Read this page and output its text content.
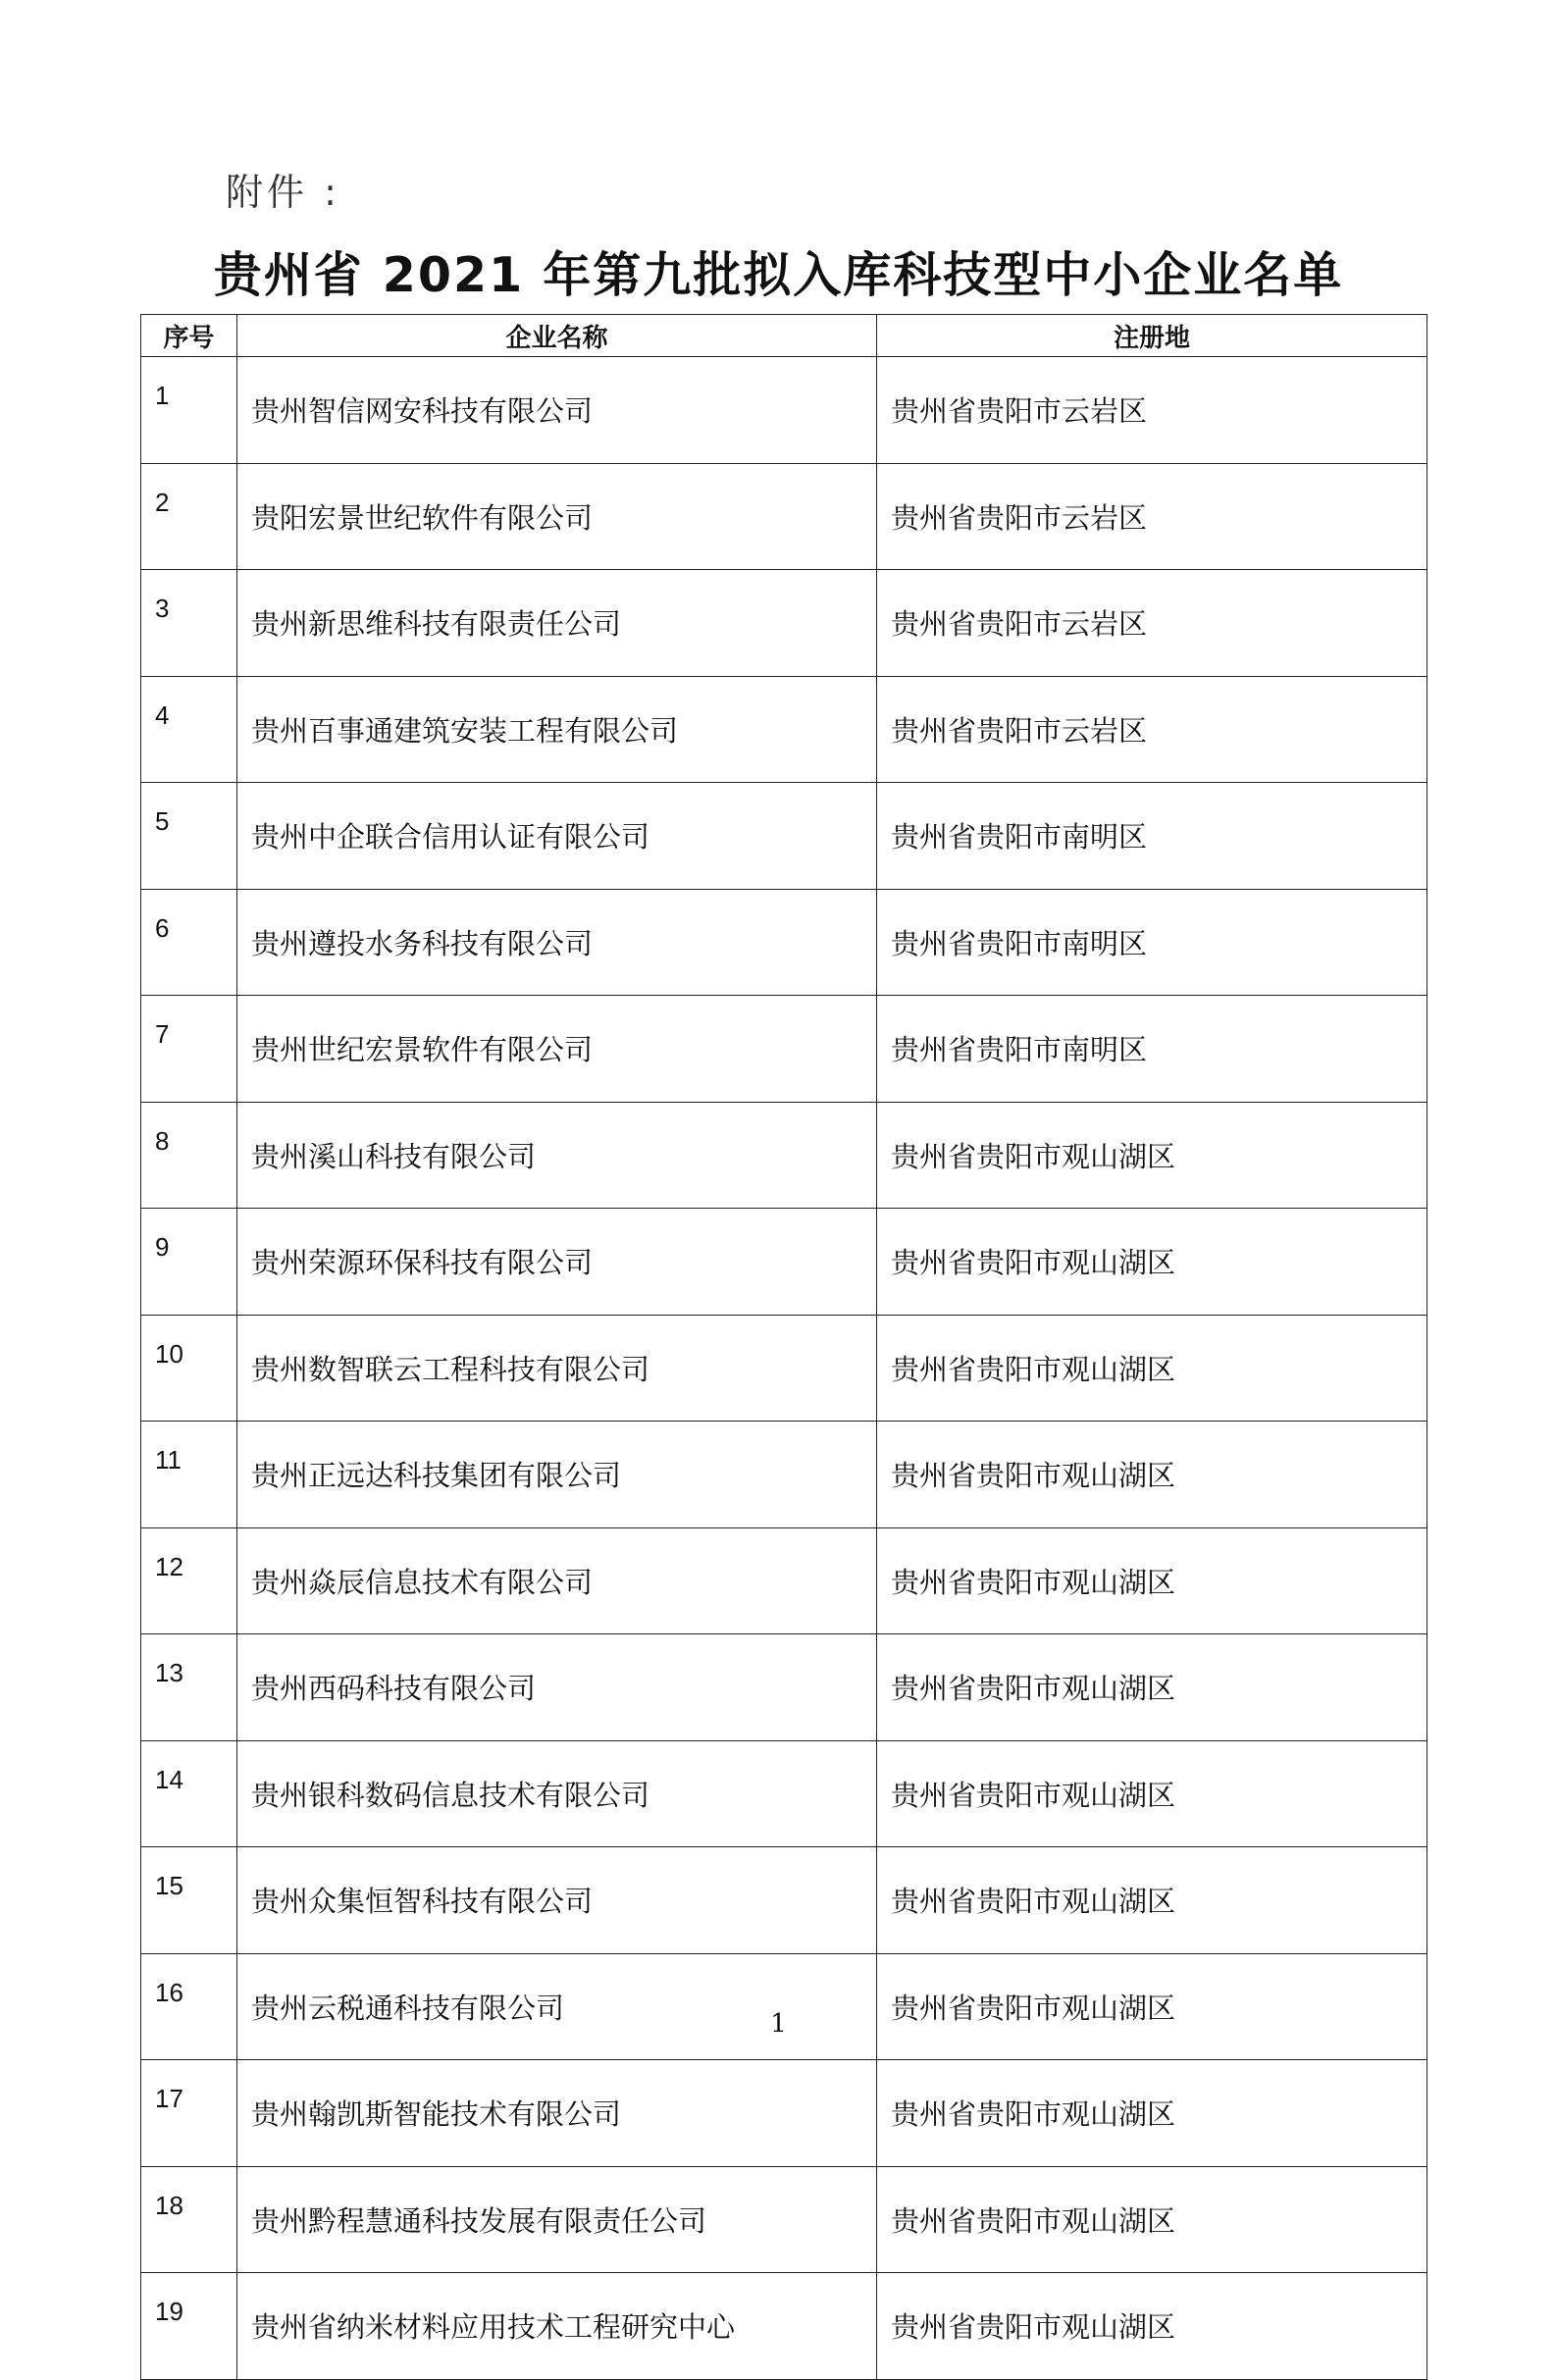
附件 :
贵州省 2021 年第九批拟入库科技型中小企业名单
序号	企业名称	注册地
1	贵州智信网安科技有限公司	贵州省贵阳市云岩区
2	贵阳宏景世纪软件有限公司	贵州省贵阳市云岩区
3	贵州新思维科技有限责任公司	贵州省贵阳市云岩区
4	贵州百事通建筑安装工程有限公司	贵州省贵阳市云岩区
5	贵州中企联合信用认证有限公司	贵州省贵阳市南明区
6	贵州遵投水务科技有限公司	贵州省贵阳市南明区
7	贵州世纪宏景软件有限公司	贵州省贵阳市南明区
8	贵州溪山科技有限公司	贵州省贵阳市观山湖区
9	贵州荣源环保科技有限公司	贵州省贵阳市观山湖区
10	贵州数智联云工程科技有限公司	贵州省贵阳市观山湖区
11	贵州正远达科技集团有限公司	贵州省贵阳市观山湖区
12	贵州焱辰信息技术有限公司	贵州省贵阳市观山湖区
13	贵州西码科技有限公司	贵州省贵阳市观山湖区
14	贵州银科数码信息技术有限公司	贵州省贵阳市观山湖区
15	贵州众集恒智科技有限公司	贵州省贵阳市观山湖区
16	贵州云税通科技有限公司	贵州省贵阳市观山湖区
17	贵州翰凯斯智能技术有限公司	贵州省贵阳市观山湖区
18	贵州黔程慧通科技发展有限责任公司	贵州省贵阳市观山湖区
19	贵州省纳米材料应用技术工程研究中心	贵州省贵阳市观山湖区
1
